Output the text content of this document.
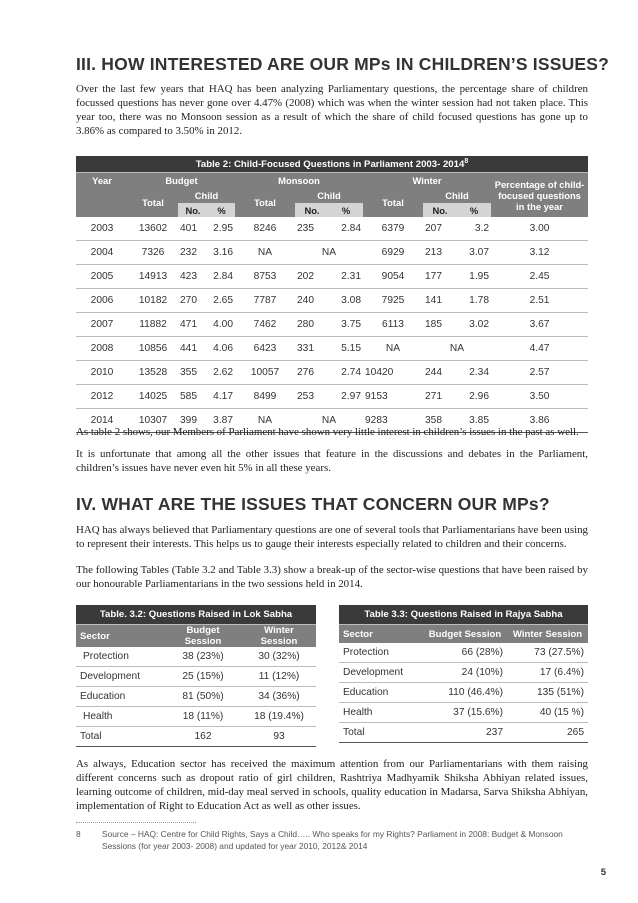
III. HOW INTERESTED ARE OUR MPs IN CHILDREN’S ISSUES?

Over the last few years that HAQ has been analyzing Parliamentary questions, the percentage share of children focussed questions has never gone over 4.47% (2008) which was when the winter session had not taken place. This year too, there was no Monsoon session as a result of which the share of child focused questions has gone up to 3.86% as compared to 3.50% in 2012.

Table 2: Child-Focused Questions in Parliament 2003- 2014$^8$
Year	Budget			Monsoon			Winter			Percentage of child- focused questions in the year
	Total	Child		Total	Child		Total	Child		
		No.	%		No.	%		No.	%	
2003	13602	401	2.95	8246	235	2.84	6379	207	3.2	3.00
2004	7326	232	3.16	NA	NA		6929	213	3.07	3.12
2005	14913	423	2.84	8753	202	2.31	9054	177	1.95	2.45
2006	10182	270	2.65	7787	240	3.08	7925	141	1.78	2.51
2007	11882	471	4.00	7462	280	3.75	6113	185	3.02	3.67
2008	10856	441	4.06	6423	331	5.15	NA	NA		4.47
2010	13528	355	2.62	10057	276	2.74	10420	244	2.34	2.57
2012	14025	585	4.17	8499	253	2.97	9153	271	2.96	3.50
2014	10307	399	3.87	NA	NA		9283	358	3.85	3.86

As table 2 shows, our Members of Parliament have shown very little interest in children’s issues in the past as well.

It is unfortunate that among all the other issues that feature in the discussions and debates in the Parliament, children’s issues have never even hit 5% in all these years.

IV. WHAT ARE THE ISSUES THAT CONCERN OUR MPs?

HAQ has always believed that Parliamentary questions are one of several tools that Parliamentarians have been using to represent their interests. This helps us to gauge their interests especially related to children and their concerns.

The following Tables (Table 3.2 and Table 3.3) show a break-up of the sector-wise questions that have been raised by our honourable Parliamentarians in the two sessions held in 2014.

Table. 3.2: Questions Raised in Lok Sabha		
Sector	Budget Session	Winter Session
Protection	38 (23%)	30 (32%)
Development	25 (15%)	11 (12%)
Education	81 (50%)	34 (36%)
Health	18 (11%)	18 (19.4%)
Total	162	93
Table 3.3: Questions Raised in Rajya Sabha		
Sector	Budget Session	Winter Session
Protection	66 (28%)	73 (27.5%)
Development	24 (10%)	17 (6.4%)
Education	110 (46.4%)	135 (51%)
Health	37 (15.6%)	40 (15 %)
Total	237	265

As always, Education sector has received the maximum attention from our Parliamentarians with them raising different concerns such as dropout ratio of girl children, Rashtriya Madhyamik Shiksha Abhiyan related issues, learning outcome of children, mid-day meal served in schools, quality education in Madarsa, Sarva Shiksha Abhiyan, implementation of Right to Education Act as well as other issues.

8	Source – HAQ: Centre for Child Rights, Says a Child….. Who speaks for my Rights? Parliament in 2008: Budget & Monsoon Sessions (for year 2003- 2008) and updated for year 2010, 2012& 2014
5
